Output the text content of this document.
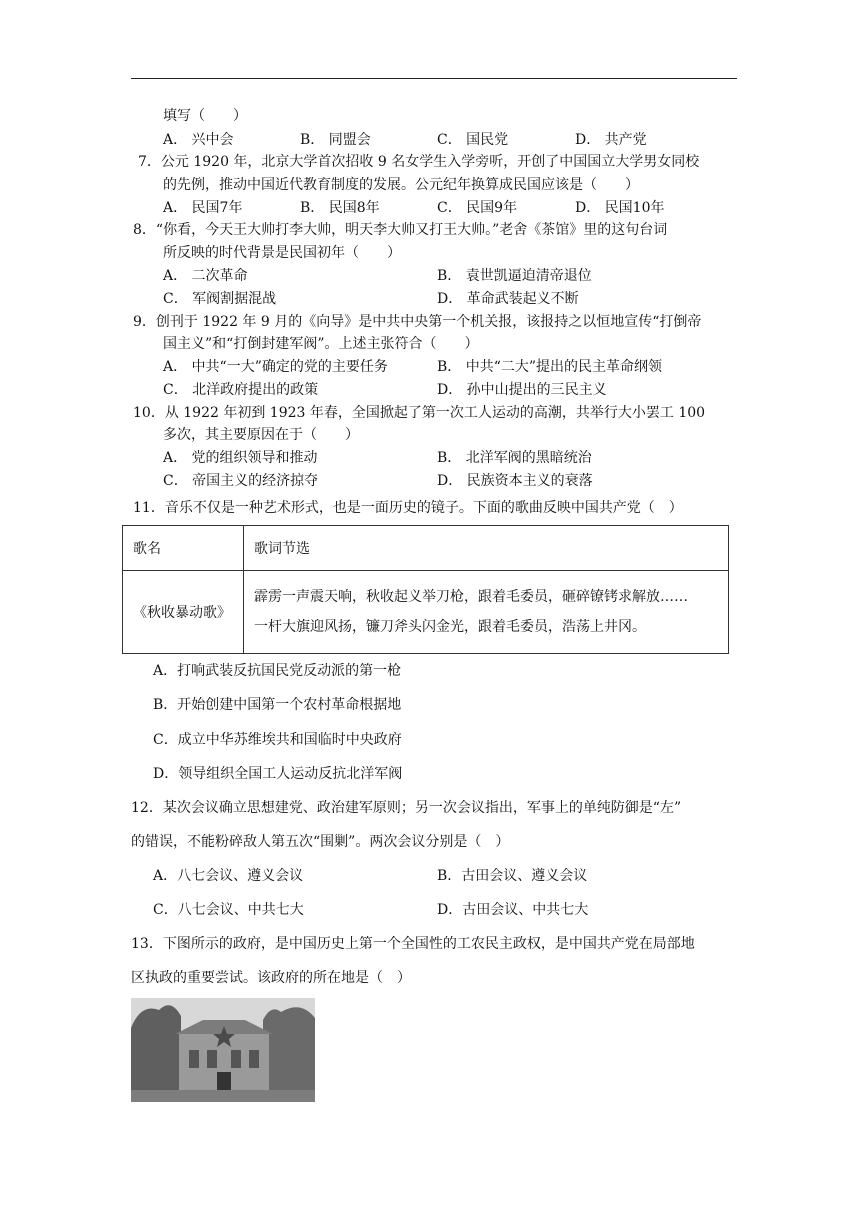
填写（　　）
A． 兴中会	B． 同盟会	C． 国民党	D． 共产党
7．公元 1920 年，北京大学首次招收 9 名女学生入学旁听，开创了中国国立大学男女同校
的先例，推动中国近代教育制度的发展。公元纪年换算成民国应该是（　　）
A． 民国7年	B． 民国8年	C． 民国9年	D． 民国10年
8．“你看，今天王大帅打李大帅，明天李大帅又打王大帅。”老舍《茶馆》里的这句台词
所反映的时代背景是民国初年（　　）
A． 二次革命	B． 袁世凯逼迫清帝退位
C． 军阀割据混战	D． 革命武装起义不断
9．创刊于 1922 年 9 月的《向导》是中共中央第一个机关报，该报持之以恒地宣传“打倒帝
国主义”和“打倒封建军阀”。上述主张符合（　　）
A． 中共“一大”确定的党的主要任务	B． 中共“二大”提出的民主革命纲领
C． 北洋政府提出的政策	D． 孙中山提出的三民主义
10．从 1922 年初到 1923 年春，全国掀起了第一次工人运动的高潮，共举行大小罢工 100
多次，其主要原因在于（　　）
A． 党的组织领导和推动	B． 北洋军阀的黑暗统治
C． 帝国主义的经济掠夺	D． 民族资本主义的衰落
11．音乐不仅是一种艺术形式，也是一面历史的镜子。下面的歌曲反映中国共产党（　）
歌名	歌词节选
《秋收暴动歌》	霹雳一声震天响，秋收起义举刀枪，跟着毛委员，砸碎镣铐求解放……
一杆大旗迎风扬，镰刀斧头闪金光，跟着毛委员，浩荡上井冈。
A．打响武装反抗国民党反动派的第一枪
B．开始创建中国第一个农村革命根据地
C．成立中华苏维埃共和国临时中央政府
D．领导组织全国工人运动反抗北洋军阀
12．某次会议确立思想建党、政治建军原则；另一次会议指出，军事上的单纯防御是“左”
的错误，不能粉碎敌人第五次“围剿”。两次会议分别是（　）
A．八七会议、遵义会议	B．古田会议、遵义会议
C．八七会议、中共七大	D．古田会议、中共七大
13．下图所示的政府，是中国历史上第一个全国性的工农民主政权，是中国共产党在局部地
区执政的重要尝试。该政府的所在地是（　）
